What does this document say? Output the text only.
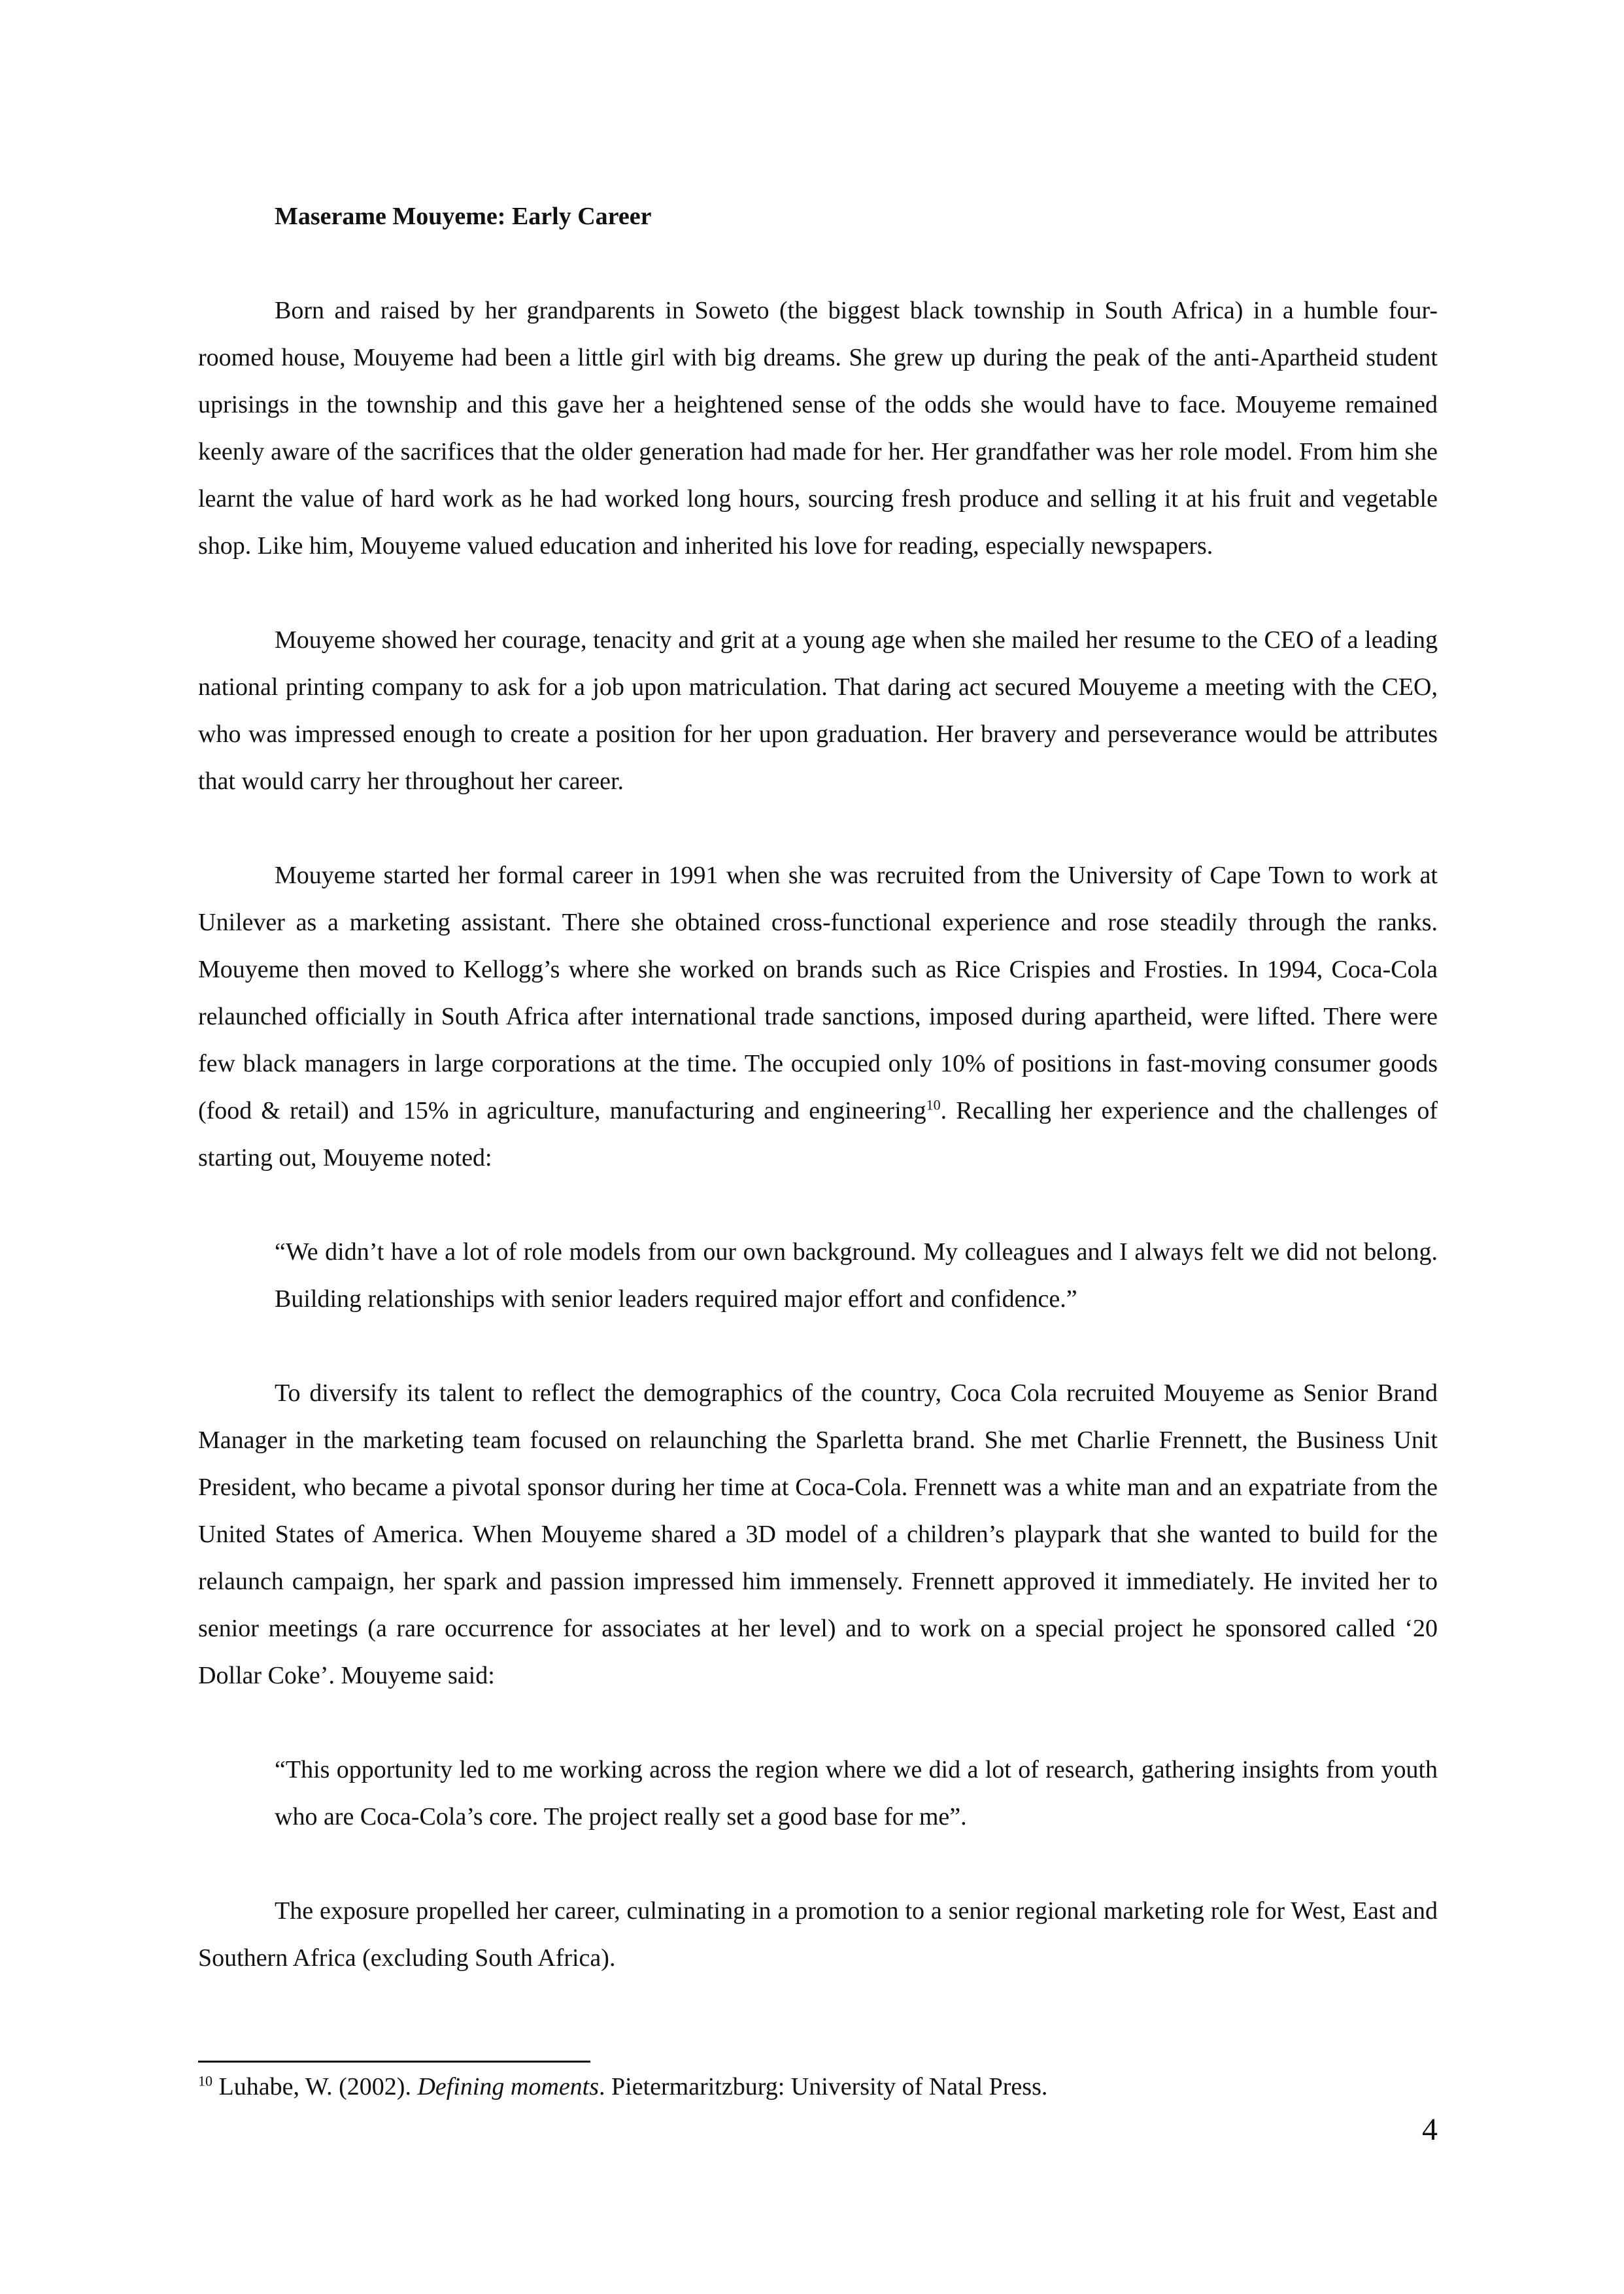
Maserame Mouyeme: Early Career

Born and raised by her grandparents in Soweto (the biggest black township in South Africa) in a humble four-roomed house, Mouyeme had been a little girl with big dreams. She grew up during the peak of the anti-Apartheid student uprisings in the township and this gave her a heightened sense of the odds she would have to face. Mouyeme remained keenly aware of the sacrifices that the older generation had made for her. Her grandfather was her role model. From him she learnt the value of hard work as he had worked long hours, sourcing fresh produce and selling it at his fruit and vegetable shop. Like him, Mouyeme valued education and inherited his love for reading, especially newspapers.

Mouyeme showed her courage, tenacity and grit at a young age when she mailed her resume to the CEO of a leading national printing company to ask for a job upon matriculation. That daring act secured Mouyeme a meeting with the CEO, who was impressed enough to create a position for her upon graduation. Her bravery and perseverance would be attributes that would carry her throughout her career.

Mouyeme started her formal career in 1991 when she was recruited from the University of Cape Town to work at Unilever as a marketing assistant. There she obtained cross-functional experience and rose steadily through the ranks. Mouyeme then moved to Kellogg’s where she worked on brands such as Rice Crispies and Frosties. In 1994, Coca-Cola relaunched officially in South Africa after international trade sanctions, imposed during apartheid, were lifted. There were few black managers in large corporations at the time. The occupied only 10% of positions in fast-moving consumer goods (food & retail) and 15% in agriculture, manufacturing and engineering$^{10}$. Recalling her experience and the challenges of starting out, Mouyeme noted:

“We didn’t have a lot of role models from our own background. My colleagues and I always felt we did not belong. Building relationships with senior leaders required major effort and confidence.”

To diversify its talent to reflect the demographics of the country, Coca Cola recruited Mouyeme as Senior Brand Manager in the marketing team focused on relaunching the Sparletta brand. She met Charlie Frennett, the Business Unit President, who became a pivotal sponsor during her time at Coca-Cola. Frennett was a white man and an expatriate from the United States of America. When Mouyeme shared a 3D model of a children’s playpark that she wanted to build for the relaunch campaign, her spark and passion impressed him immensely. Frennett approved it immediately. He invited her to senior meetings (a rare occurrence for associates at her level) and to work on a special project he sponsored called ‘20 Dollar Coke’. Mouyeme said:

“This opportunity led to me working across the region where we did a lot of research, gathering insights from youth who are Coca-Cola’s core. The project really set a good base for me”.

The exposure propelled her career, culminating in a promotion to a senior regional marketing role for West, East and Southern Africa (excluding South Africa).

$^{10}$ Luhabe, W. (2002). Defining moments. Pietermaritzburg: University of Natal Press.
4
